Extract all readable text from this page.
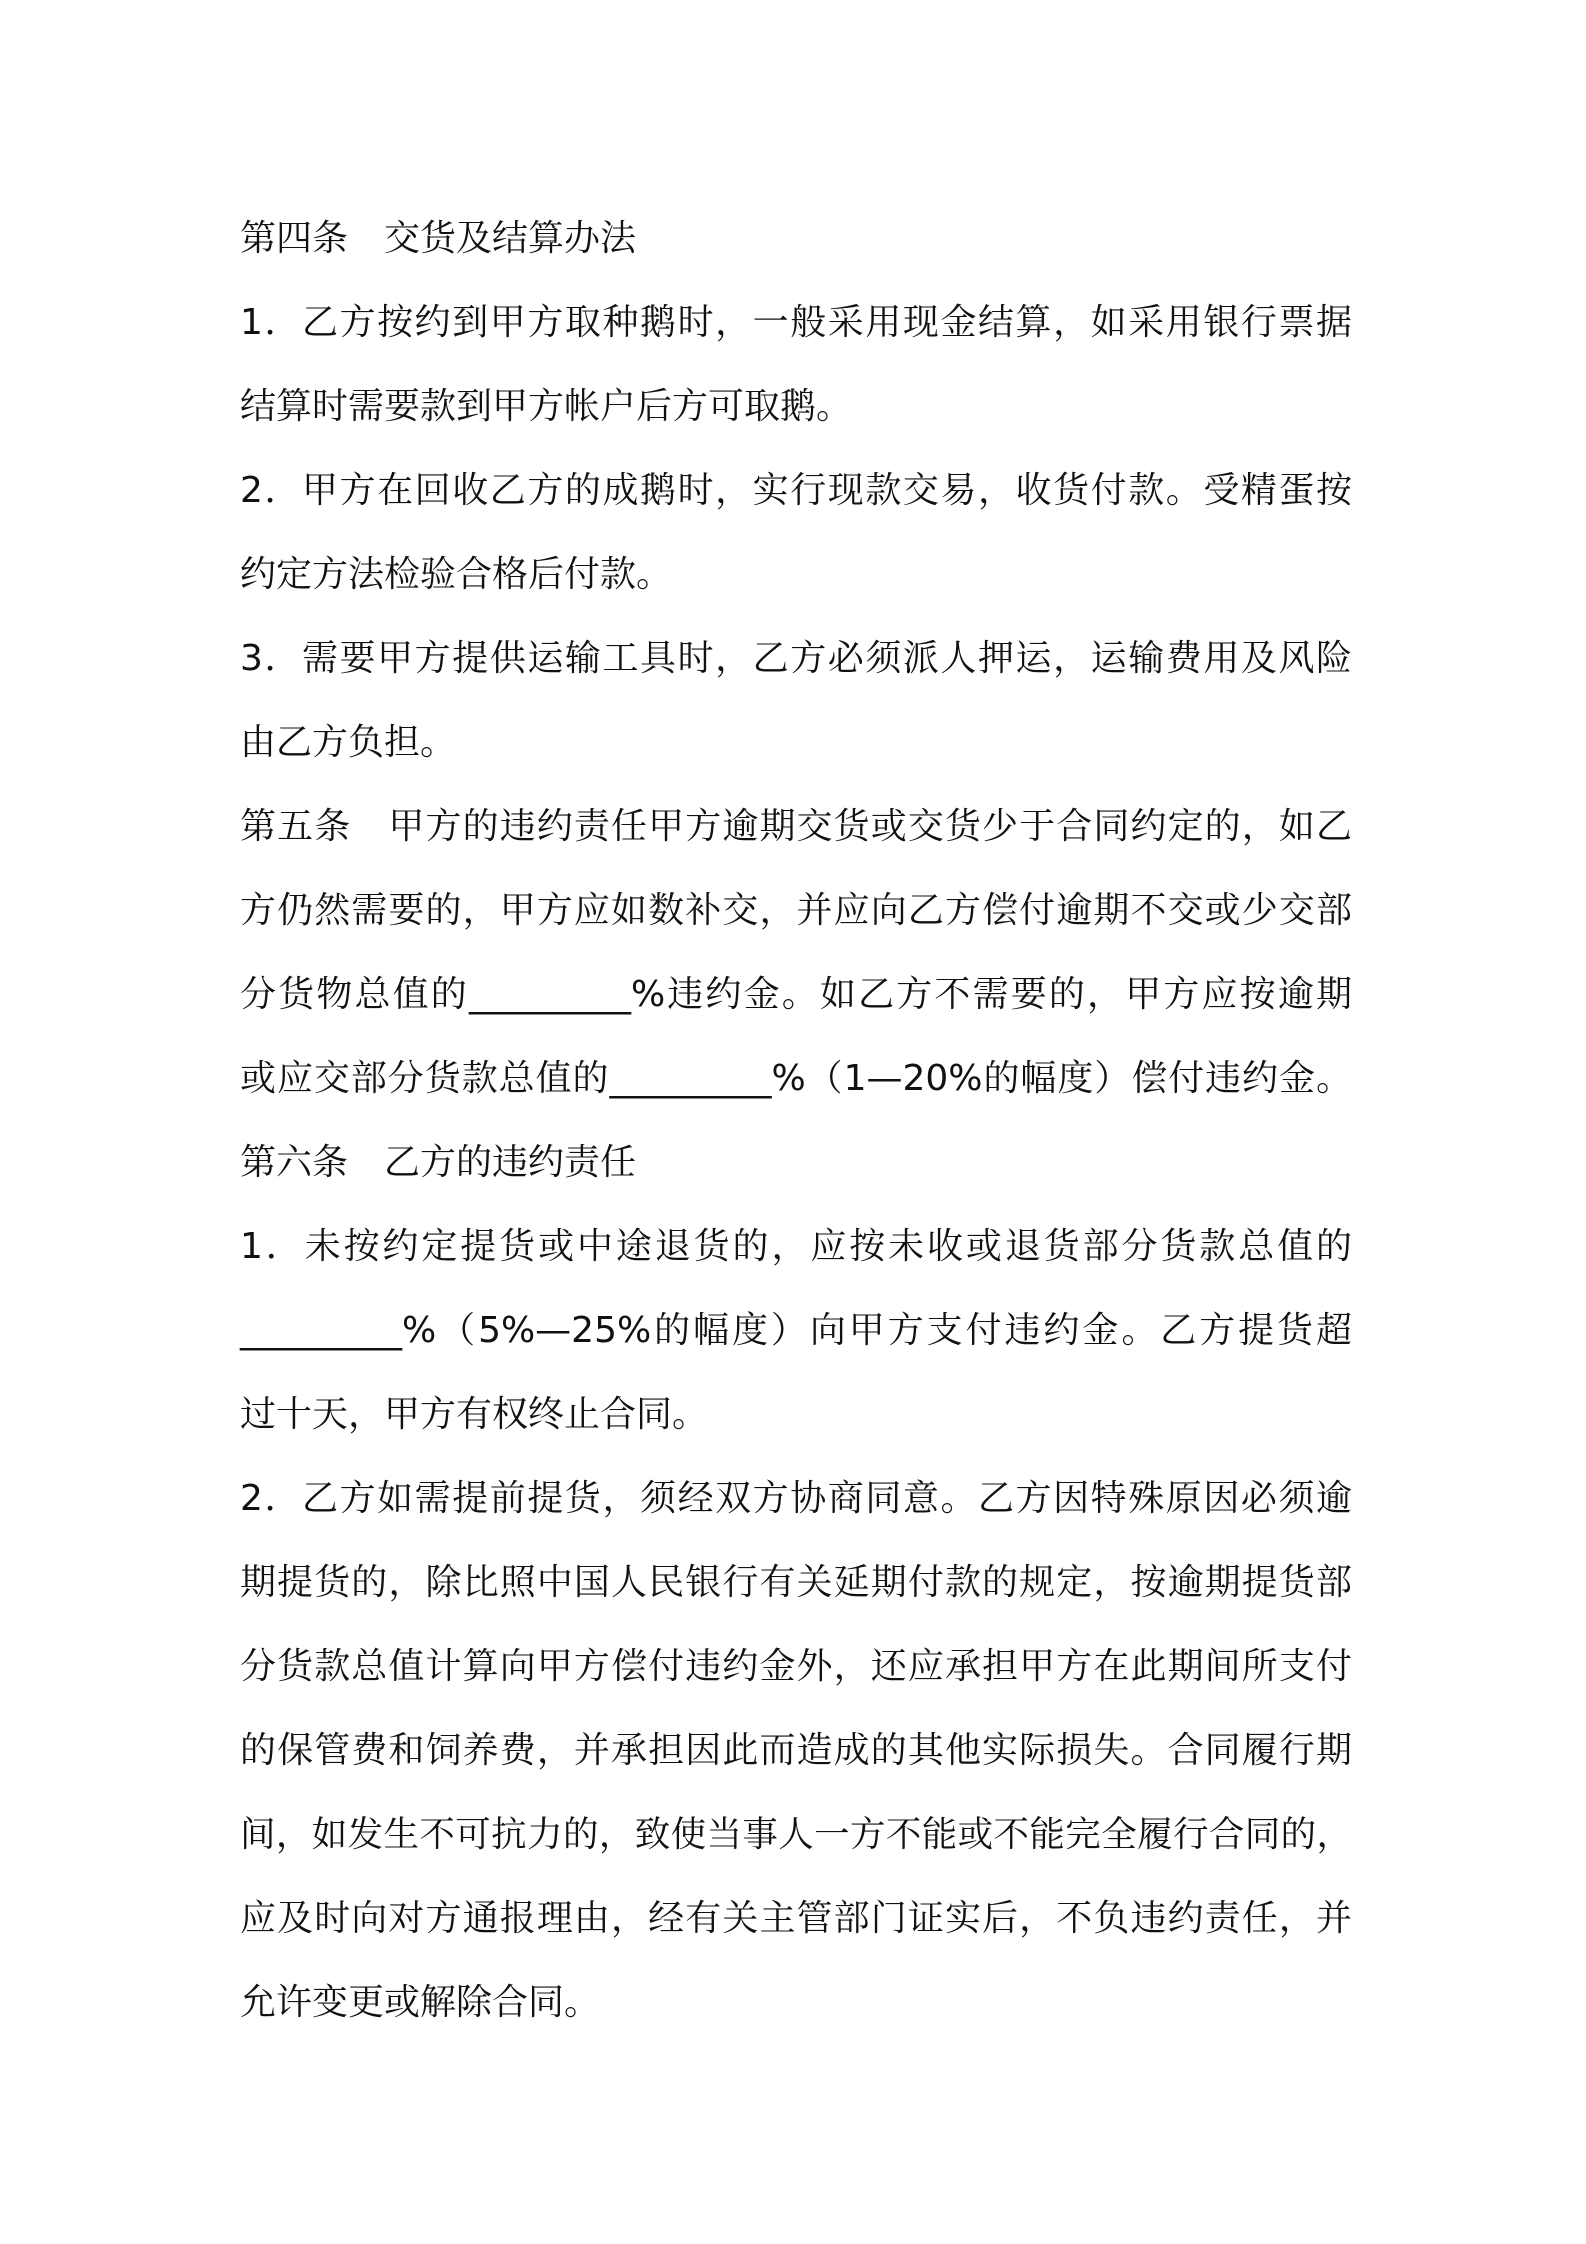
第四条　交货及结算办法
1．乙方按约到甲方取种鹅时，一般采用现金结算，如采用银行票据
结算时需要款到甲方帐户后方可取鹅。
2．甲方在回收乙方的成鹅时，实行现款交易，收货付款。受精蛋按
约定方法检验合格后付款。
3．需要甲方提供运输工具时，乙方必须派人押运，运输费用及风险
由乙方负担。
第五条　甲方的违约责任甲方逾期交货或交货少于合同约定的，如乙
方仍然需要的，甲方应如数补交，并应向乙方偿付逾期不交或少交部
分货物总值的_________%违约金。如乙方不需要的，甲方应按逾期
或应交部分货款总值的_________%（1—20%的幅度）偿付违约金。
第六条　乙方的违约责任
1．未按约定提货或中途退货的，应按未收或退货部分货款总值的
_________%（5%—25%的幅度）向甲方支付违约金。乙方提货超
过十天，甲方有权终止合同。
2．乙方如需提前提货，须经双方协商同意。乙方因特殊原因必须逾
期提货的，除比照中国人民银行有关延期付款的规定，按逾期提货部
分货款总值计算向甲方偿付违约金外，还应承担甲方在此期间所支付
的保管费和饲养费，并承担因此而造成的其他实际损失。合同履行期
间，如发生不可抗力的，致使当事人一方不能或不能完全履行合同的，
应及时向对方通报理由，经有关主管部门证实后，不负违约责任，并
允许变更或解除合同。
